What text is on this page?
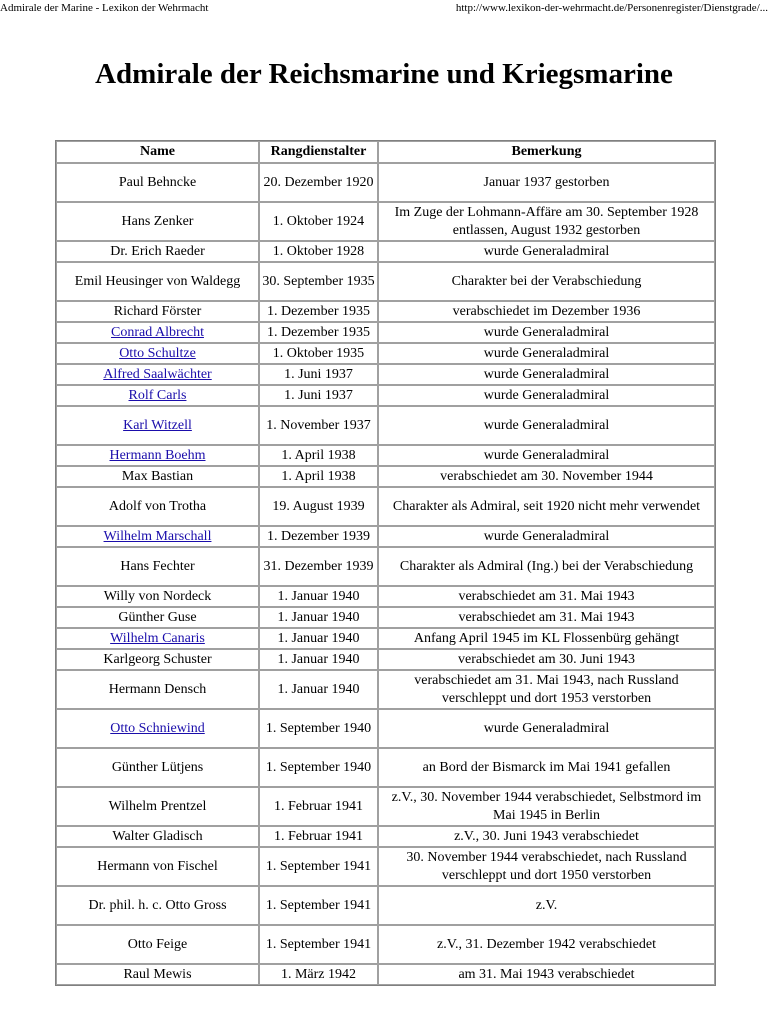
Admirale der Marine - Lexikon der Wehrmacht	http://www.lexikon-der-wehrmacht.de/Personenregister/Dienstgrade/...
Admirale der Reichsmarine und Kriegsmarine
Name	Rangdienstalter	Bemerkung
Paul Behncke	20. Dezember 1920	Januar 1937 gestorben
Hans Zenker	1. Oktober 1924	Im Zuge der Lohmann-Affäre am 30. September 1928 entlassen, August 1932 gestorben
Dr. Erich Raeder	1. Oktober 1928	wurde Generaladmiral
Emil Heusinger von Waldegg	30. September 1935	Charakter bei der Verabschiedung
Richard Förster	1. Dezember 1935	verabschiedet im Dezember 1936
Conrad Albrecht	1. Dezember 1935	wurde Generaladmiral
Otto Schultze	1. Oktober 1935	wurde Generaladmiral
Alfred Saalwächter	1. Juni 1937	wurde Generaladmiral
Rolf Carls	1. Juni 1937	wurde Generaladmiral
Karl Witzell	1. November 1937	wurde Generaladmiral
Hermann Boehm	1. April 1938	wurde Generaladmiral
Max Bastian	1. April 1938	verabschiedet am 30. November 1944
Adolf von Trotha	19. August 1939	Charakter als Admiral, seit 1920 nicht mehr verwendet
Wilhelm Marschall	1. Dezember 1939	wurde Generaladmiral
Hans Fechter	31. Dezember 1939	Charakter als Admiral (Ing.) bei der Verabschiedung
Willy von Nordeck	1. Januar 1940	verabschiedet am 31. Mai 1943
Günther Guse	1. Januar 1940	verabschiedet am 31. Mai 1943
Wilhelm Canaris	1. Januar 1940	Anfang April 1945 im KL Flossenbürg gehängt
Karlgeorg Schuster	1. Januar 1940	verabschiedet am 30. Juni 1943
Hermann Densch	1. Januar 1940	verabschiedet am 31. Mai 1943, nach Russland verschleppt und dort 1953 verstorben
Otto Schniewind	1. September 1940	wurde Generaladmiral
Günther Lütjens	1. September 1940	an Bord der Bismarck im Mai 1941 gefallen
Wilhelm Prentzel	1. Februar 1941	z.V., 30. November 1944 verabschiedet, Selbstmord im Mai 1945 in Berlin
Walter Gladisch	1. Februar 1941	z.V., 30. Juni 1943 verabschiedet
Hermann von Fischel	1. September 1941	30. November 1944 verabschiedet, nach Russland verschleppt und dort 1950 verstorben
Dr. phil. h. c. Otto Gross	1. September 1941	z.V.
Otto Feige	1. September 1941	z.V., 31. Dezember 1942 verabschiedet
Raul Mewis	1. März 1942	am 31. Mai 1943 verabschiedet
